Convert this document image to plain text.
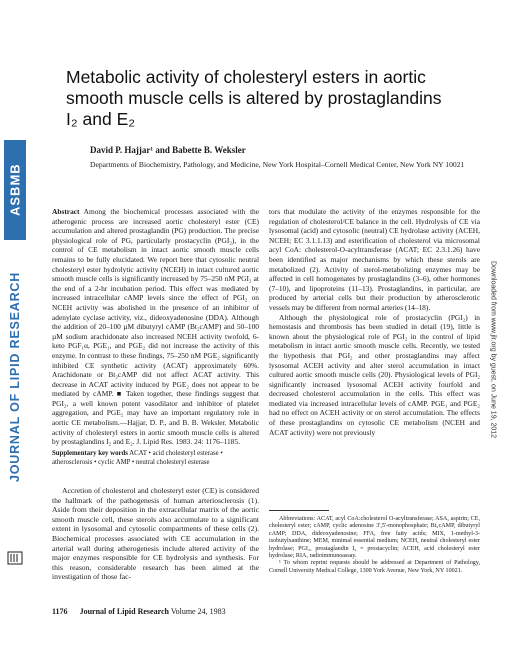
ASBMB
JOURNAL OF LIPID RESEARCH	Downloaded from www.jlr.org by guest, on June 19, 2012
Metabolic activity of cholesteryl esters in aortic smooth muscle cells is altered by prostaglandins I₂ and E₂
David P. Hajjar¹ and Babette B. Weksler
Departments of Biochemistry, Pathology, and Medicine, New York Hospital–Cornell Medical Center, New York NY 10021
Abstract Among the biochemical processes associated with the atherogenic process are increased aortic cholesteryl ester (CE) accumulation and altered prostaglandin (PG) production. The precise physiological role of PG, particularly prostacyclin (PGI₂), in the control of CE metabolism in intact aortic smooth muscle cells remains to be fully elucidated. We report here that cytosolic neutral cholesteryl ester hydrolytic activity (NCEH) in intact cultured aortic smooth muscle cells is significantly increased by 75–250 nM PGI₂ at the end of a 2-hr incubation period. This effect was mediated by increased intracellular cAMP levels since the effect of PGI₂ on NCEH activity was abolished in the presence of an inhibitor of adenylate cyclase activity, viz., dideoxyadenosine (DDA). Although the addition of 20–100 µM dibutyryl cAMP (Bt₂cAMP) and 50–100 µM sodium arachidonate also increased NCEH activity twofold, 6-keto PGF₁α, PGE₁, and PGE₂ did not increase the activity of this enzyme. In contrast to these findings, 75–250 nM PGE₂ significantly inhibited CE synthetic activity (ACAT) approximately 60%. Arachidonate or Bt₂cAMP did not affect ACAT activity. This decrease in ACAT activity induced by PGE₂ does not appear to be mediated by cAMP. ■ Taken together, these findings suggest that PGI₂, a well known potent vasodilator and inhibitor of platelet aggregation, and PGE₂ may have an important regulatory role in aortic CE metabolism.—Hajjar, D. P., and B. B. Weksler. Metabolic activity of cholesteryl esters in aortic smooth muscle cells is altered by prostaglandins I₂ and E₂. J. Lipid Res. 1983. 24: 1176–1185.
Supplementary key words ACAT • acid cholesteryl esterase • atherosclerosis • cyclic AMP • neutral cholesteryl esterase
Accretion of cholesterol and cholesteryl ester (CE) is considered the hallmark of the pathogenesis of human arteriosclerosis (1). Aside from their deposition in the extracellular matrix of the aortic smooth muscle cell, these sterols also accumulate to a significant extent in lysosomal and cytosolic compartments of these cells (2). Biochemical processes associated with CE accumulation in the arterial wall during atherogenesis include altered activity of the major enzymes responsible for CE hydrolysis and synthesis. For this reason, considerable research has been aimed at the investigation of those fac-

tors that modulate the activity of the enzymes responsible for the regulation of cholesterol/CE balance in the cell. Hydrolysis of CE via lysosomal (acid) and cytosolic (neutral) CE hydrolase activity (ACEH, NCEH; EC 3.1.1.13) and esterification of cholesterol via microsomal acyl CoA: cholesterol-O-acyltransferase (ACAT; EC 2.3.1.26) have been identified as major mechanisms by which these sterols are metabolized (2). Activity of sterol-metabolizing enzymes may be affected in cell homogenates by prostaglandins (3–6), other hormones (7–10), and lipoproteins (11–13). Prostaglandins, in particular, are produced by arterial cells but their production by atherosclerotic vessels may be different from normal arteries (14–18).

Although the physiological role of prostacyclin (PGI₂) in hemostasis and thrombosis has been studied in detail (19), little is known about the physiological role of PGI₂ in the control of lipid metabolism in intact aortic smooth muscle cells. Recently, we tested the hypothesis that PGI₂ and other prostaglandins may affect lysosomal ACEH activity and alter sterol accumulation in intact cultured aortic smooth muscle cells (20). Physiological levels of PGI₂ significantly increased lysosomal ACEH activity fourfold and decreased cholesterol accumulation in the cells. This effect was mediated via increased intracellular levels of cAMP. PGE₁ and PGE₂ had no effect on ACEH activity or on sterol accumulation. The effects of these prostaglandins on cytosolic CE metabolism (NCEH and ACAT activity) were not previously

Abbreviations: ACAT, acyl CoA:cholesterol O-acyltransferase; ASA, aspirin; CE, cholesteryl ester; cAMP, cyclic adenosine 3',5'-monophosphate; Bt₂cAMP, dibutyryl cAMP; DDA, dideoxyadenosine; FFA, free fatty acids; MIX, 1-methyl-3-isobutylxanthine; MEM, minimal essential medium; NCEH, neutral cholesteryl ester hydrolase; PGI₂, prostaglandin I₂ = prostacyclin; ACEH, acid cholesteryl ester hydrolase; RIA, radioimmunoassay.

¹ To whom reprint requests should be addressed at Department of Pathology, Cornell University Medical College, 1300 York Avenue, New York, NY 10021.

1176 Journal of Lipid Research Volume 24, 1983
